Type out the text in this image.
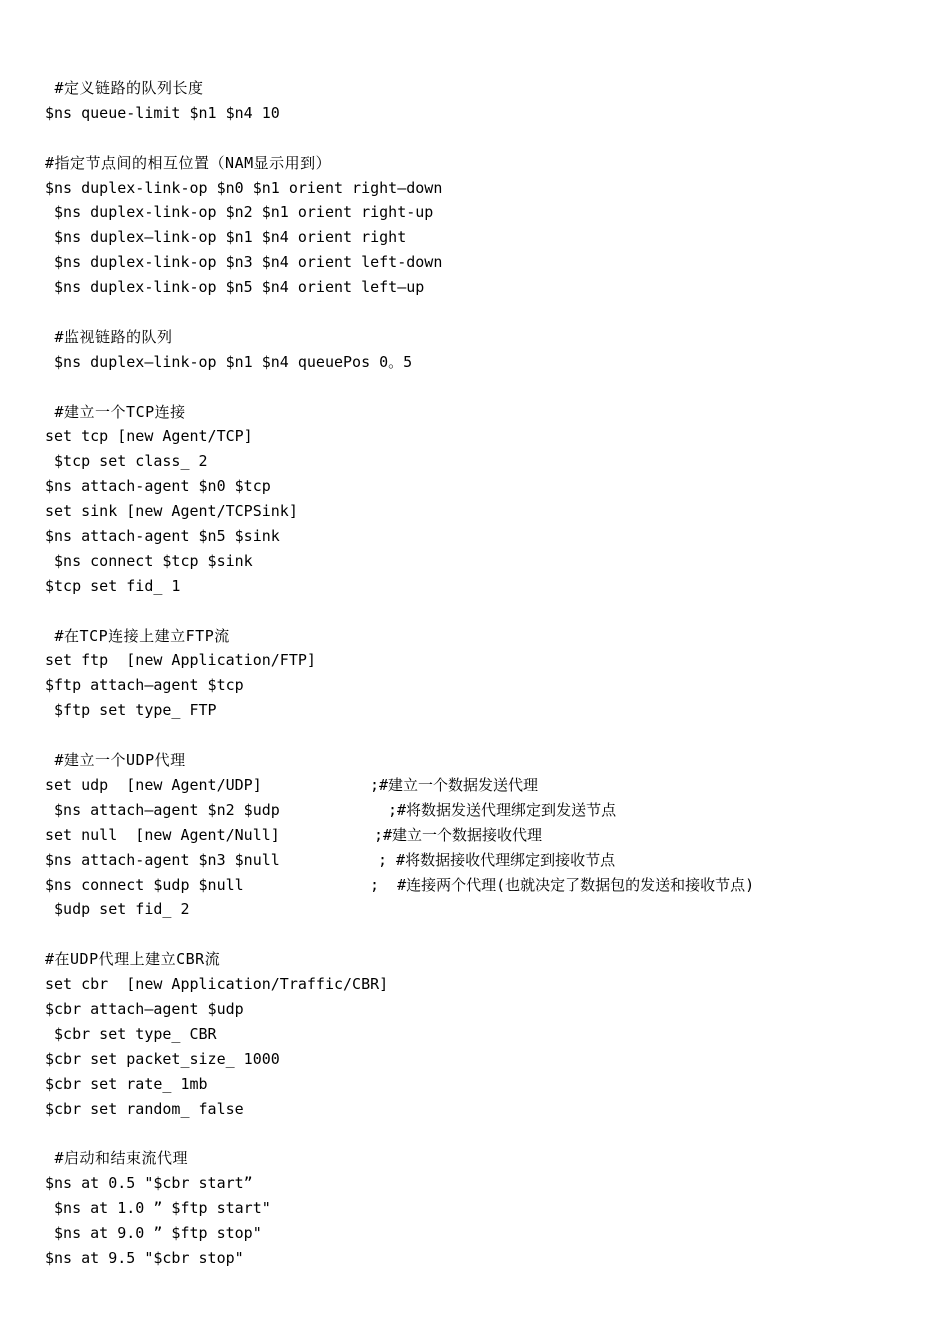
#定义链路的队列长度
$ns queue-limit $n1 $n4 10
#指定节点间的相互位置（NAM显示用到）
$ns duplex-link-op $n0 $n1 orient right—down
$ns duplex-link-op $n2 $n1 orient right-up
$ns duplex—link-op $n1 $n4 orient right
$ns duplex-link-op $n3 $n4 orient left-down
$ns duplex-link-op $n5 $n4 orient left—up
#监视链路的队列
$ns duplex—link-op $n1 $n4 queuePos 0。5
#建立一个TCP连接
set tcp [new Agent/TCP]
$tcp set class_ 2
$ns attach-agent $n0 $tcp
set sink [new Agent/TCPSink]
$ns attach-agent $n5 $sink
$ns connect $tcp $sink
$tcp set fid_ 1
#在TCP连接上建立FTP流
set ftp  [new Application/FTP]
$ftp attach—agent $tcp
$ftp set type_ FTP
#建立一个UDP代理
set udp  [new Agent/UDP]	;#建立一个数据发送代理
$ns attach—agent $n2 $udp	;#将数据发送代理绑定到发送节点
set null  [new Agent/Null]	;#建立一个数据接收代理
$ns attach-agent $n3 $null	; #将数据接收代理绑定到接收节点
$ns connect $udp $null	;  #连接两个代理(也就决定了数据包的发送和接收节点)
$udp set fid_ 2
#在UDP代理上建立CBR流
set cbr  [new Application/Traffic/CBR]
$cbr attach—agent $udp
$cbr set type_ CBR
$cbr set packet_size_ 1000
$cbr set rate_ 1mb
$cbr set random_ false
#启动和结束流代理
$ns at 0.5 "$cbr start”
$ns at 1.0 ” $ftp start"
$ns at 9.0 ” $ftp stop"
$ns at 9.5 "$cbr stop"
